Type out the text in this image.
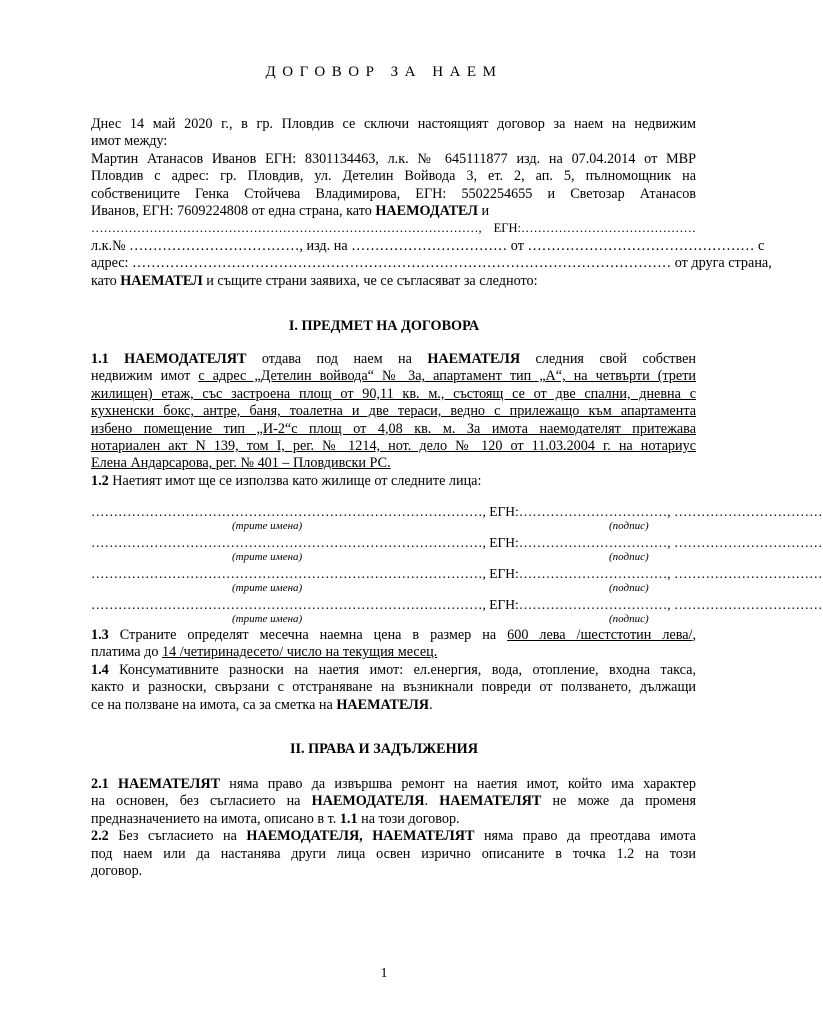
ДОГОВОР ЗА НАЕМ
Днес 14 май 2020 г., в гр. Пловдив се сключи настоящият договор за наем на недвижим
имот между:
Мартин Атанасов Иванов ЕГН: 8301134463, л.к. № 645111877 изд. на 07.04.2014 от МВР
Пловдив с адрес: гр. Пловдив, ул. Детелин Войвода 3, ет. 2, ап. 5, пълномощник на
собствениците Генка Стойчева Владимирова, ЕГН: 5502254655 и Светозар Атанасов
Иванов, ЕГН: 7609224808 от една страна, като НАЕМОДАТЕЛ и
…………………………………………………………………………………, ЕГН:……………………………………
л.к.№ ………………………………, изд. на …………………………… от ………………………………………… с
адрес: …………………………………………………………………………………………………… от друга страна,
като НАЕМАТЕЛ и същите страни заявиха, че се съгласяват за следното:
I. ПРЕДМЕТ НА ДОГОВОРА
1.1 НАЕМОДАТЕЛЯТ отдава под наем на НАЕМАТЕЛЯ следния свой собствен
недвижим имот с адрес „Детелин войвода“ № 3а, апартамент тип „А“, на четвърти (трети
жилищен) етаж, със застроена площ от 90,11 кв. м., състоящ се от две спални, дневна с
кухненски бокс, антре, баня, тоалетна и две тераси, ведно с прилежащо към апартамента
избено помещение тип „И-2“с площ от 4,08 кв. м. За имота наемодателят притежава
нотариален акт N 139, том I, рег. № 1214, нот. дело № 120 от 11.03.2004 г. на нотариус
Елена Андарсарова, рег. № 401 – Пловдивски РС.
1.2 Наетият имот ще се използва като жилище от следните лица:
……………………………………………………………………………, ЕГН:……………………………, ……………………………
(трите имена)	(подпис)
……………………………………………………………………………, ЕГН:……………………………, ……………………………
(трите имена)	(подпис)
……………………………………………………………………………, ЕГН:……………………………, ……………………………
(трите имена)	(подпис)
……………………………………………………………………………, ЕГН:……………………………, ……………………………
(трите имена)	(подпис)
1.3 Страните определят месечна наемна цена в размер на 600 лева /шестстотин лева/,
платима до 14 /четиринадесето/ число на текущия месец.
1.4 Консумативните разноски на наетия имот: ел.енергия, вода, отопление, входна такса,
както и разноски, свързани с отстраняване на възникнали повреди от ползването, дължащи
се на ползване на имота, са за сметка на НАЕМАТЕЛЯ.
II. ПРАВА И ЗАДЪЛЖЕНИЯ
2.1 НАЕМАТЕЛЯТ няма право да извършва ремонт на наетия имот, който има характер
на основен, без съгласието на НАЕМОДАТЕЛЯ. НАЕМАТЕЛЯТ не може да променя
предназначението на имота, описано в т. 1.1 на този договор.
2.2 Без съгласието на НАЕМОДАТЕЛЯ, НАЕМАТЕЛЯТ няма право да преотдава имота
под наем или да настанява други лица освен изрично описаните в точка 1.2 на този
договор.
1
